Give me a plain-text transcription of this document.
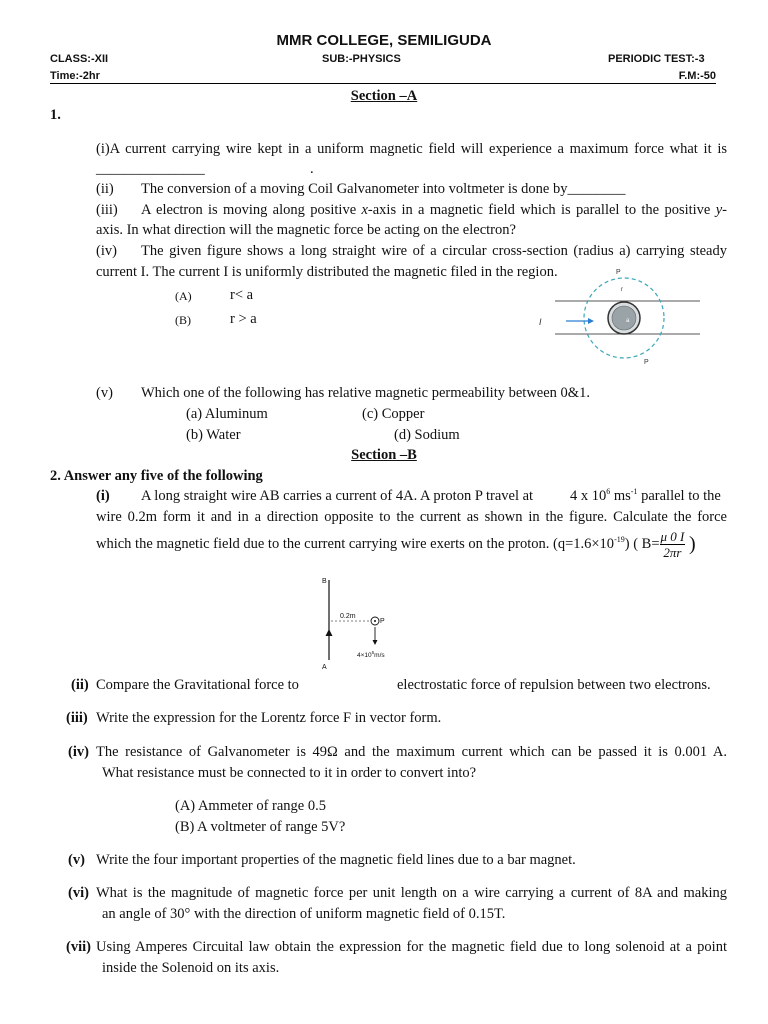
MMR COLLEGE, SEMILIGUDA
CLASS:-XII	SUB:-PHYSICS	PERIODIC TEST:-3
Time:-2hr	F.M:-50
Section –A
1.
(i)A current carrying wire kept in a uniform magnetic field will experience a maximum force what it is
_______________	.
(ii) The conversion of a moving Coil Galvanometer into voltmeter is done by________
(iii) A electron is moving along positive x-axis in a magnetic field which is parallel to the positive y-
axis. In what direction will the magnetic force be acting on the electron?
(iv) The given figure shows a long straight wire of a circular cross-section (radius a) carrying steady
current I. The current I is uniformly distributed the magnetic filed in the region.
(A)	r< a
(B)	r > a	I
P
P
r
a
(v) Which one of the following has relative magnetic permeability between 0&1.
(a) Aluminum	(c) Copper
(b) Water	(d) Sodium
Section –B
2. Answer any five of the following
(i) A long straight wire AB carries a current of 4A. A proton P travel at	4 x $10^6$ $ms^{-1}$ parallel to the
wire 0.2m form it and in a direction opposite to the current as shown in the figure. Calculate the force
which the magnetic field due to the current carrying wire exerts on the proton. $(q=1.6\times 10^{-19})$ ( $B= \frac{\mu 0 I}{2\pi r}$ )
B
A
0.2m
P
$4\times 10^6m/s$
(ii) Compare the Gravitational force to	electrostatic force of repulsion between two electrons.
(iii) Write the expression for the Lorentz force F in vector form.
(iv) The resistance of Galvanometer is 49Ω and the maximum current which can be passed it is 0.001 A.
What resistance must be connected to it in order to convert into?
(A) Ammeter of range 0.5
(B) A voltmeter of range 5V?
(v) Write the four important properties of the magnetic field lines due to a bar magnet.
(vi) What is the magnitude of magnetic force per unit length on a wire carrying a current of 8A and making
an angle of 30° with the direction of uniform magnetic field of 0.15T.
(vii) Using Amperes Circuital law obtain the expression for the magnetic field due to long solenoid at a point
inside the Solenoid on its axis.
